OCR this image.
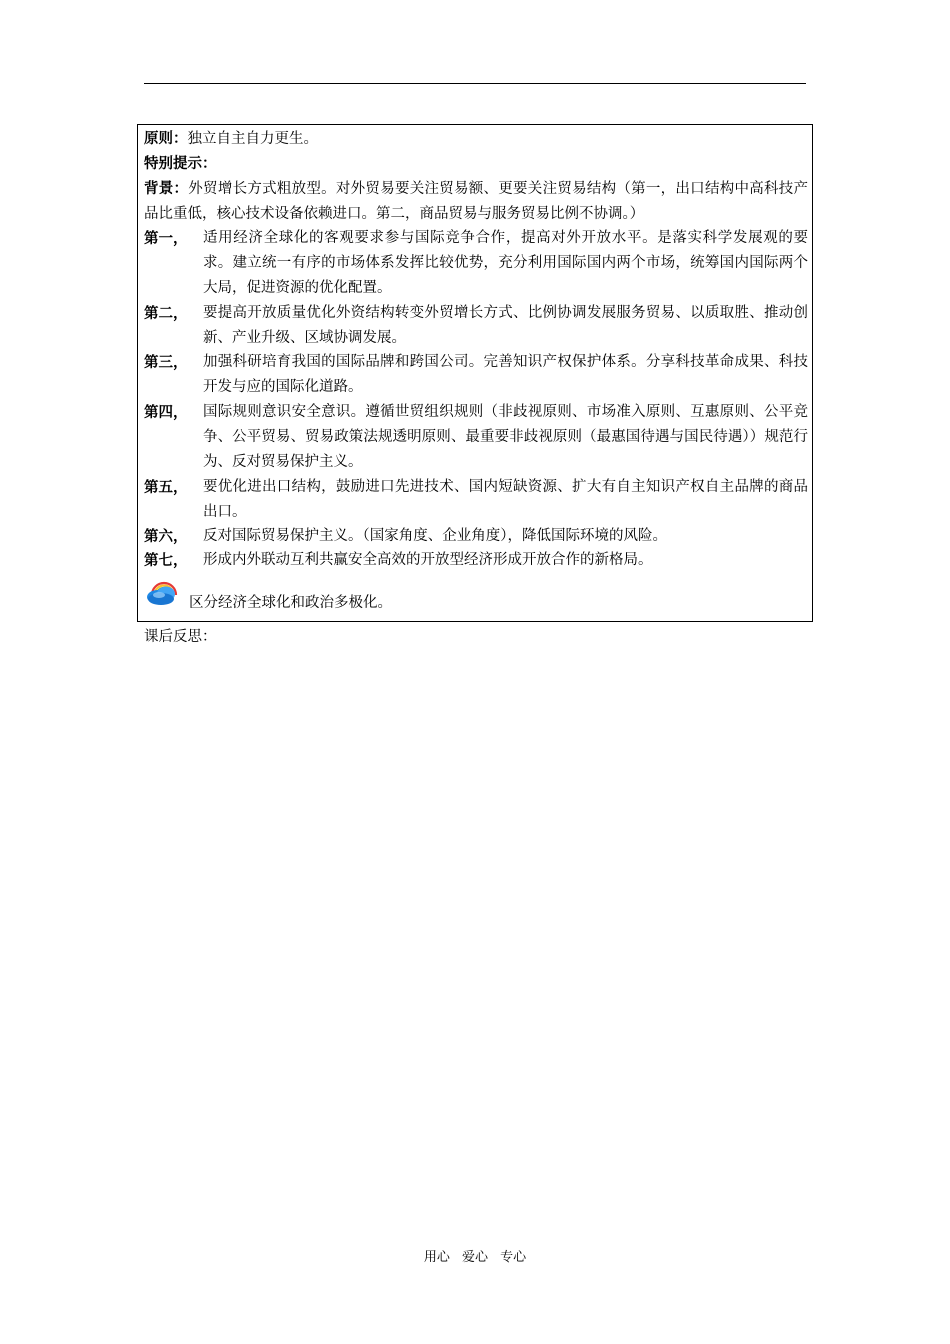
原则：独立自主自力更生。
特别提示：
背景：外贸增长方式粗放型。对外贸易要关注贸易额、更要关注贸易结构（第一，出口结构中高科技产品比重低，核心技术设备依赖进口。第二，商品贸易与服务贸易比例不协调。）
第一， 适用经济全球化的客观要求参与国际竞争合作，提高对外开放水平。是落实科学发展观的要求。建立统一有序的市场体系发挥比较优势，充分利用国际国内两个市场，统筹国内国际两个大局，促进资源的优化配置。
第二， 要提高开放质量优化外资结构转变外贸增长方式、比例协调发展服务贸易、以质取胜、推动创新、产业升级、区域协调发展。
第三， 加强科研培育我国的国际品牌和跨国公司。完善知识产权保护体系。分享科技革命成果、科技开发与应的国际化道路。
第四， 国际规则意识安全意识。遵循世贸组织规则（非歧视原则、市场准入原则、互惠原则、公平竞争、公平贸易、贸易政策法规透明原则、最重要非歧视原则（最惠国待遇与国民待遇））规范行为、反对贸易保护主义。
第五， 要优化进出口结构，鼓励进口先进技术、国内短缺资源、扩大有自主知识产权自主品牌的商品出口。
第六， 反对国际贸易保护主义。（国家角度、企业角度），降低国际环境的风险。
第七， 形成内外联动互利共赢安全高效的开放型经济形成开放合作的新格局。
区分经济全球化和政治多极化。
课后反思：
用心 爱心 专心
